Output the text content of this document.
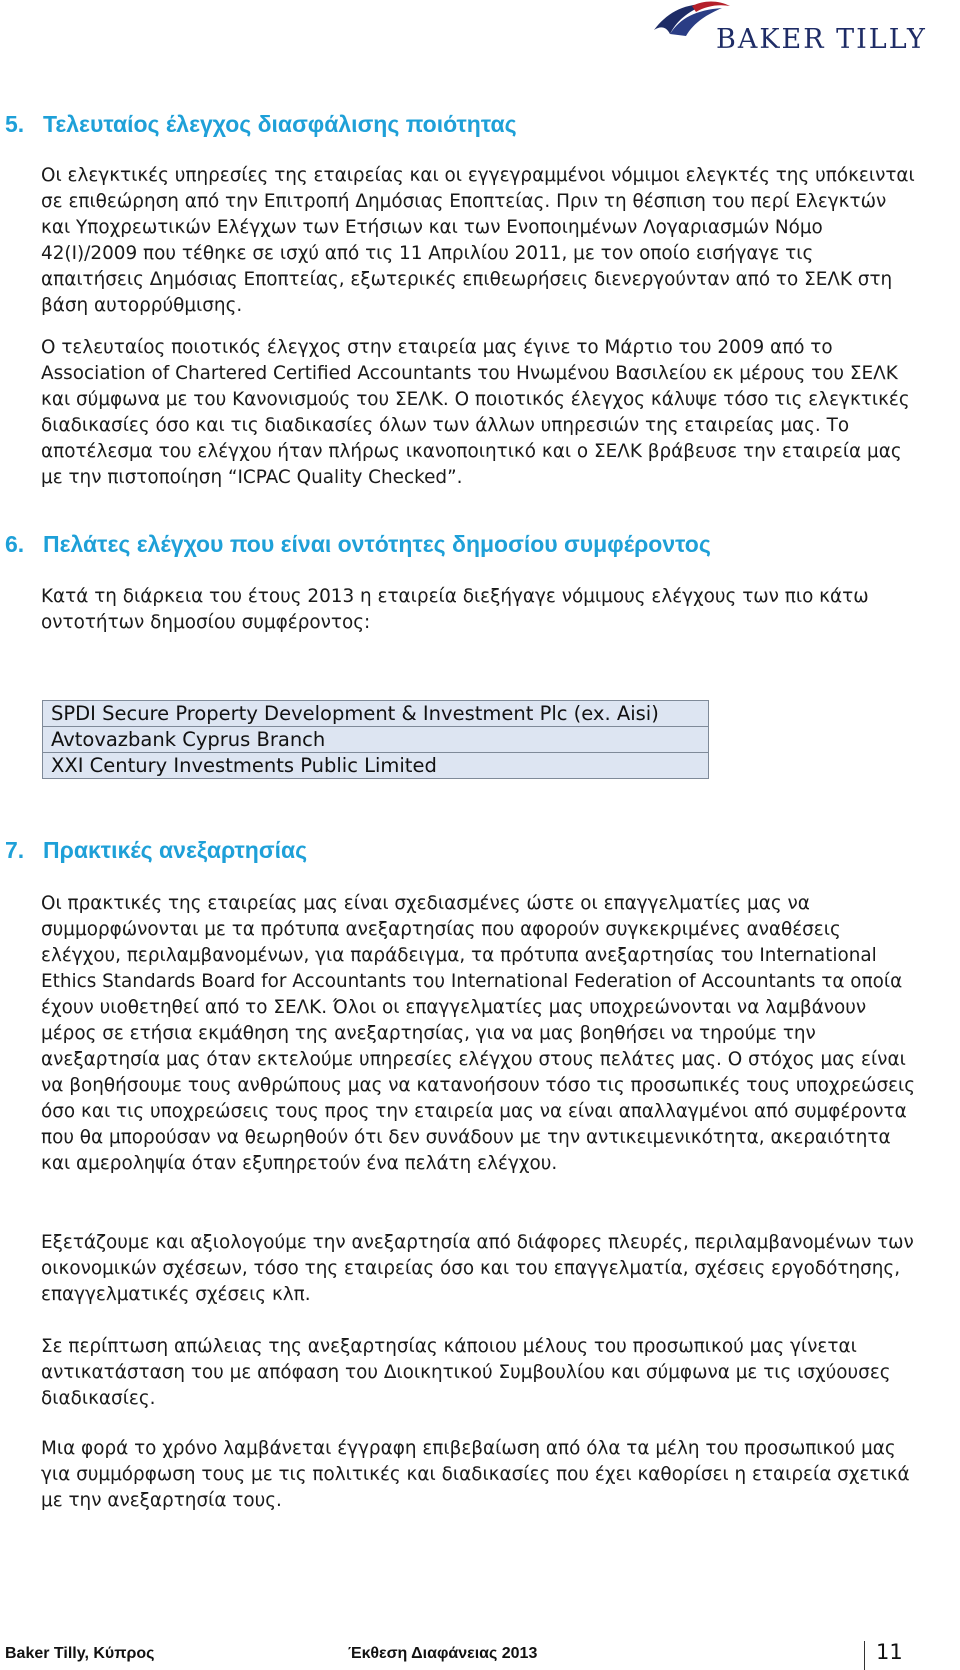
BAKER TILLY
5. Τελευταίος έλεγχος διασφάλισης ποιότητας

Οι ελεγκτικές υπηρεσίες της εταιρείας και οι εγγεγραμμένοι νόμιμοι ελεγκτές της υπόκεινται σε επιθεώρηση από την Επιτροπή Δημόσιας Εποπτείας. Πριν τη θέσπιση του περί Ελεγκτών και Υποχρεωτικών Ελέγχων των Ετήσιων και των Ενοποιημένων Λογαριασμών Νόμο 42(I)/2009 που τέθηκε σε ισχύ από τις 11 Απριλίου 2011, με τον οποίο εισήγαγε τις απαιτήσεις Δημόσιας Εποπτείας, εξωτερικές επιθεωρήσεις διενεργούνταν από το ΣΕΛΚ στη βάση αυτορρύθμισης.

Ο τελευταίος ποιοτικός έλεγχος στην εταιρεία μας έγινε το Μάρτιο του 2009 από το Association of Chartered Certified Accountants του Ηνωμένου Βασιλείου εκ μέρους του ΣΕΛΚ και σύμφωνα με του Κανονισμούς του ΣΕΛΚ. Ο ποιοτικός έλεγχος κάλυψε τόσο τις ελεγκτικές διαδικασίες όσο και τις διαδικασίες όλων των άλλων υπηρεσιών της εταιρείας μας. Το αποτέλεσμα του ελέγχου ήταν πλήρως ικανοποιητικό και ο ΣΕΛΚ βράβευσε την εταιρεία μας με την πιστοποίηση “ICPAC Quality Checked”.

6. Πελάτες ελέγχου που είναι οντότητες δημοσίου συμφέροντος

Κατά τη διάρκεια του έτους 2013 η εταιρεία διεξήγαγε νόμιμους ελέγχους των πιο κάτω οντοτήτων δημοσίου συμφέροντος:

SPDI Secure Property Development & Investment Plc (ex. Aisi)
Avtovazbank Cyprus Branch
XXI Century Investments Public Limited
7. Πρακτικές ανεξαρτησίας

Οι πρακτικές της εταιρείας μας είναι σχεδιασμένες ώστε οι επαγγελματίες μας να συμμορφώνονται με τα πρότυπα ανεξαρτησίας που αφορούν συγκεκριμένες αναθέσεις ελέγχου, περιλαμβανομένων, για παράδειγμα, τα πρότυπα ανεξαρτησίας του International Ethics Standards Board for Accountants του International Federation of Accountants τα οποία έχουν υιοθετηθεί από το ΣΕΛΚ. Όλοι οι επαγγελματίες μας υποχρεώνονται να λαμβάνουν μέρος σε ετήσια εκμάθηση της ανεξαρτησίας, για να μας βοηθήσει να τηρούμε την ανεξαρτησία μας όταν εκτελούμε υπηρεσίες ελέγχου στους πελάτες μας. Ο στόχος μας είναι να βοηθήσουμε τους ανθρώπους μας να κατανοήσουν τόσο τις προσωπικές τους υποχρεώσεις όσο και τις υποχρεώσεις τους προς την εταιρεία μας να είναι απαλλαγμένοι από συμφέροντα που θα μπορούσαν να θεωρηθούν ότι δεν συνάδουν με την αντικειμενικότητα, ακεραιότητα και αμεροληψία όταν εξυπηρετούν ένα πελάτη ελέγχου.

Εξετάζουμε και αξιολογούμε την ανεξαρτησία από διάφορες πλευρές, περιλαμβανομένων των οικονομικών σχέσεων, τόσο της εταιρείας όσο και του επαγγελματία, σχέσεις εργοδότησης, επαγγελματικές σχέσεις κλπ.

Σε περίπτωση απώλειας της ανεξαρτησίας κάποιου μέλους του προσωπικού μας γίνεται αντικατάσταση του με απόφαση του Διοικητικού Συμβουλίου και σύμφωνα με τις ισχύουσες διαδικασίες.

Μια φορά το χρόνο λαμβάνεται έγγραφη επιβεβαίωση από όλα τα μέλη του προσωπικού μας για συμμόρφωση τους με τις πολιτικές και διαδικασίες που έχει καθορίσει η εταιρεία σχετικά με την ανεξαρτησία τους.

Baker Tilly, Κύπρος	Έκθεση Διαφάνειας 2013	11
